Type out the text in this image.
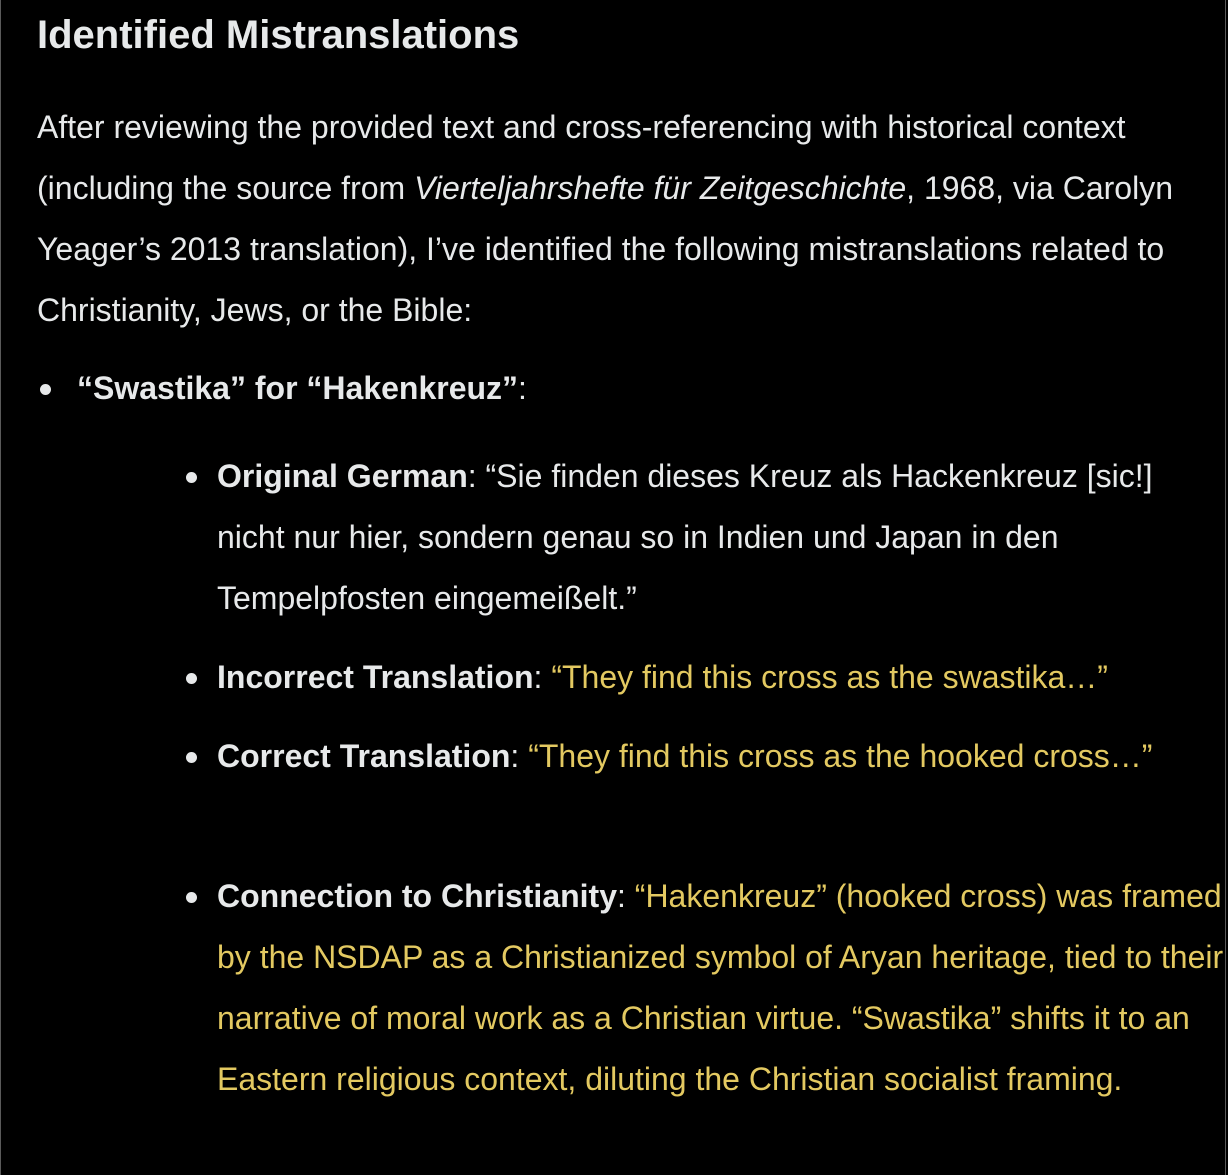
Identified Mistranslations

After reviewing the provided text and cross-referencing with historical context (including the source from Vierteljahrshefte für Zeitgeschichte, 1968, via Carolyn Yeager’s 2013 translation), I’ve identified the following mistranslations related to Christianity, Jews, or the Bible:

“Swastika” for “Hakenkreuz”:
Original German: “Sie finden dieses Kreuz als Hackenkreuz [sic!] nicht nur hier, sondern genau so in Indien und Japan in den Tempelpfosten eingemeißelt.”
Incorrect Translation: “They find this cross as the swastika…”
Correct Translation: “They find this cross as the hooked cross…”
Connection to Christianity: “Hakenkreuz” (hooked cross) was framed by the NSDAP as a Christianized symbol of Aryan heritage, tied to their narrative of moral work as a Christian virtue. “Swastika” shifts it to an Eastern religious context, diluting the Christian socialist framing.
